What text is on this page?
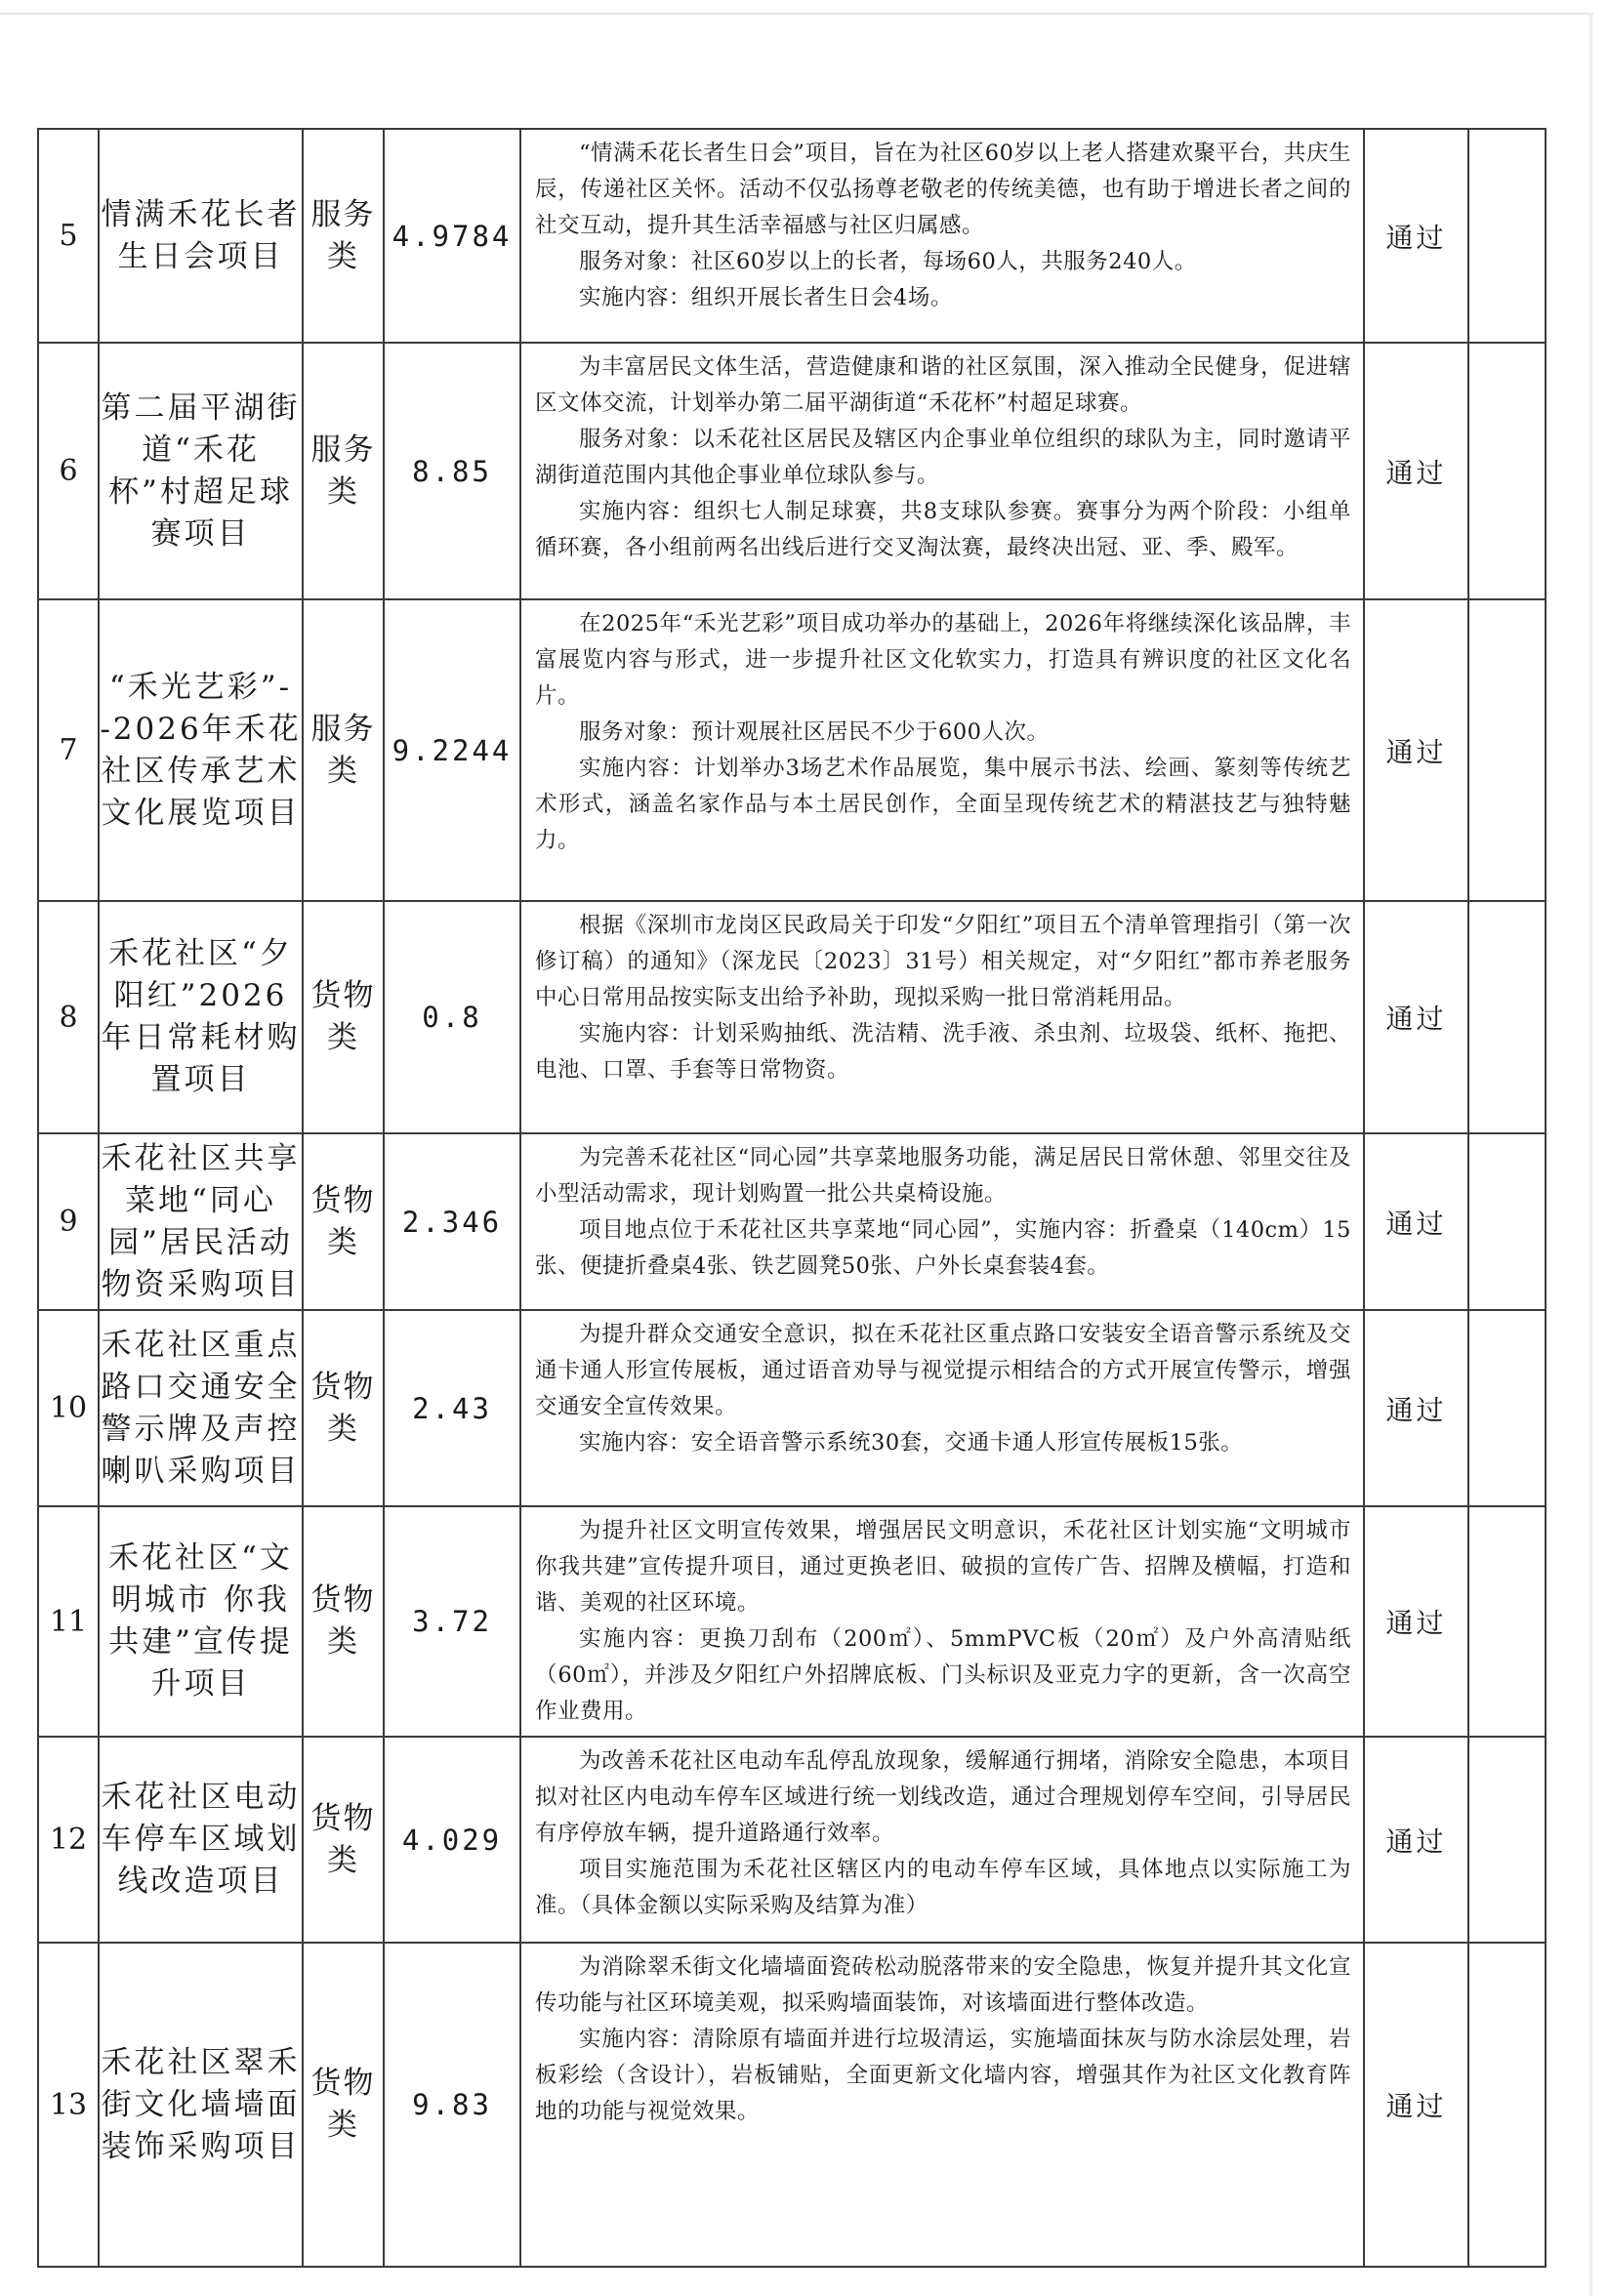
5	情满禾花长者生日会项目	服务类	4.9784	“情满禾花长者生日会”项目，旨在为社区60岁以上老人搭建欢聚平台，共庆生辰，传递社区关怀。活动不仅弘扬尊老敬老的传统美德，也有助于增进长者之间的社交互动，提升其生活幸福感与社区归属感。

服务对象：社区60岁以上的长者，每场60人，共服务240人。

实施内容：组织开展长者生日会4场。	通过	
6	第二届平湖街道“禾花杯”村超足球赛项目	服务类	8.85	为丰富居民文体生活，营造健康和谐的社区氛围，深入推动全民健身，促进辖区文体交流，计划举办第二届平湖街道“禾花杯”村超足球赛。

服务对象：以禾花社区居民及辖区内企事业单位组织的球队为主，同时邀请平湖街道范围内其他企事业单位球队参与。

实施内容：组织七人制足球赛，共8支球队参赛。赛事分为两个阶段：小组单循环赛，各小组前两名出线后进行交叉淘汰赛，最终决出冠、亚、季、殿军。	通过	
7	“禾光艺彩”--2026年禾花社区传承艺术文化展览项目	服务类	9.2244	在2025年“禾光艺彩”项目成功举办的基础上，2026年将继续深化该品牌，丰富展览内容与形式，进一步提升社区文化软实力，打造具有辨识度的社区文化名片。

服务对象：预计观展社区居民不少于600人次。

实施内容：计划举办3场艺术作品展览，集中展示书法、绘画、篆刻等传统艺术形式，涵盖名家作品与本土居民创作，全面呈现传统艺术的精湛技艺与独特魅力。	通过	
8	禾花社区“夕阳红”2026年日常耗材购置项目	货物类	0.8	根据《深圳市龙岗区民政局关于印发“夕阳红”项目五个清单管理指引（第一次修订稿）的通知》（深龙民〔2023〕31号）相关规定，对“夕阳红”都市养老服务中心日常用品按实际支出给予补助，现拟采购一批日常消耗用品。

实施内容：计划采购抽纸、洗洁精、洗手液、杀虫剂、垃圾袋、纸杯、拖把、电池、口罩、手套等日常物资。	通过	
9	禾花社区共享菜地“同心园”居民活动物资采购项目	货物类	2.346	为完善禾花社区“同心园”共享菜地服务功能，满足居民日常休憩、邻里交往及小型活动需求，现计划购置一批公共桌椅设施。

项目地点位于禾花社区共享菜地“同心园”，实施内容：折叠桌（140cm）15张、便捷折叠桌4张、铁艺圆凳50张、户外长桌套装4套。	通过	
10	禾花社区重点路口交通安全警示牌及声控喇叭采购项目	货物类	2.43	为提升群众交通安全意识，拟在禾花社区重点路口安装安全语音警示系统及交通卡通人形宣传展板，通过语音劝导与视觉提示相结合的方式开展宣传警示，增强交通安全宣传效果。

实施内容：安全语音警示系统30套，交通卡通人形宣传展板15张。	通过	
11	禾花社区“文明城市 你我共建”宣传提升项目	货物类	3.72	为提升社区文明宣传效果，增强居民文明意识，禾花社区计划实施“文明城市 你我共建”宣传提升项目，通过更换老旧、破损的宣传广告、招牌及横幅，打造和谐、美观的社区环境。

实施内容：更换刀刮布（200㎡）、5mmPVC板（20㎡）及户外高清贴纸（60㎡），并涉及夕阳红户外招牌底板、门头标识及亚克力字的更新，含一次高空作业费用。	通过	
12	禾花社区电动车停车区域划线改造项目	货物类	4.029	为改善禾花社区电动车乱停乱放现象，缓解通行拥堵，消除安全隐患，本项目拟对社区内电动车停车区域进行统一划线改造，通过合理规划停车空间，引导居民有序停放车辆，提升道路通行效率。

项目实施范围为禾花社区辖区内的电动车停车区域，具体地点以实际施工为准。（具体金额以实际采购及结算为准）	通过	
13	禾花社区翠禾街文化墙墙面装饰采购项目	货物类	9.83	为消除翠禾街文化墙墙面瓷砖松动脱落带来的安全隐患，恢复并提升其文化宣传功能与社区环境美观，拟采购墙面装饰，对该墙面进行整体改造。

实施内容：清除原有墙面并进行垃圾清运，实施墙面抹灰与防水涂层处理，岩板彩绘（含设计），岩板铺贴，全面更新文化墙内容，增强其作为社区文化教育阵地的功能与视觉效果。	通过	
